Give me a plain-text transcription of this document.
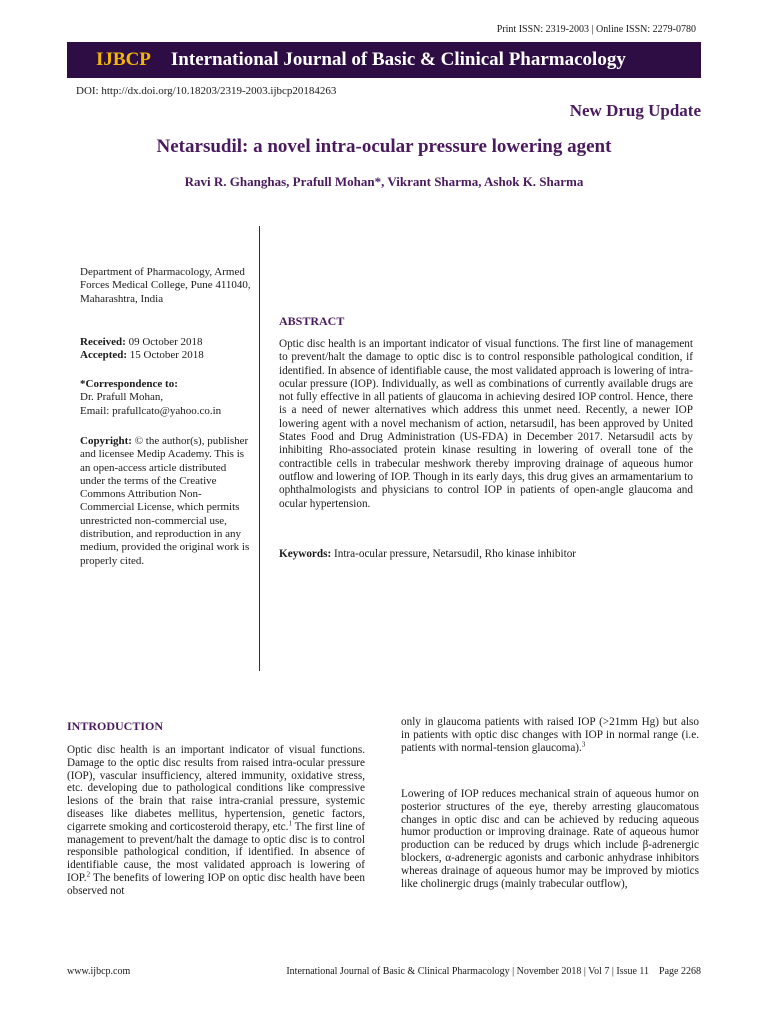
Print ISSN: 2319-2003 | Online ISSN: 2279-0780
IJBCP International Journal of Basic & Clinical Pharmacology
DOI: http://dx.doi.org/10.18203/2319-2003.ijbcp20184263
New Drug Update
Netarsudil: a novel intra-ocular pressure lowering agent
Ravi R. Ghanghas, Prafull Mohan*, Vikrant Sharma, Ashok K. Sharma

Department of Pharmacology, Armed Forces Medical College, Pune 411040, Maharashtra, India

Received: 09 October 2018

Accepted: 15 October 2018

*Correspondence to:

Dr. Prafull Mohan,

Email: prafullcato@yahoo.co.in

Copyright: © the author(s), publisher and licensee Medip Academy. This is an open-access article distributed under the terms of the Creative Commons Attribution Non-Commercial License, which permits unrestricted non-commercial use, distribution, and reproduction in any medium, provided the original work is properly cited.

ABSTRACT

Optic disc health is an important indicator of visual functions. The first line of management to prevent/halt the damage to optic disc is to control responsible pathological condition, if identified. In absence of identifiable cause, the most validated approach is lowering of intra-ocular pressure (IOP). Individually, as well as combinations of currently available drugs are not fully effective in all patients of glaucoma in achieving desired IOP control. Hence, there is a need of newer alternatives which address this unmet need. Recently, a newer IOP lowering agent with a novel mechanism of action, netarsudil, has been approved by United States Food and Drug Administration (US-FDA) in December 2017. Netarsudil acts by inhibiting Rho-associated protein kinase resulting in lowering of overall tone of the contractible cells in trabecular meshwork thereby improving drainage of aqueous humor outflow and lowering of IOP. Though in its early days, this drug gives an armamentarium to ophthalmologists and physicians to control IOP in patients of open-angle glaucoma and ocular hypertension.

Keywords: Intra-ocular pressure, Netarsudil, Rho kinase inhibitor

INTRODUCTION

Optic disc health is an important indicator of visual functions. Damage to the optic disc results from raised intra-ocular pressure (IOP), vascular insufficiency, altered immunity, oxidative stress, etc. developing due to pathological conditions like compressive lesions of the brain that raise intra-cranial pressure, systemic diseases like diabetes mellitus, hypertension, genetic factors, cigarrete smoking and corticosteroid therapy, etc.$^1$ The first line of management to prevent/halt the damage to optic disc is to control responsible pathological condition, if identified. In absence of identifiable cause, the most validated approach is lowering of IOP.$^2$ The benefits of lowering IOP on optic disc health have been observed not

only in glaucoma patients with raised IOP (>21mm Hg) but also in patients with optic disc changes with IOP in normal range (i.e. patients with normal-tension glaucoma).$^3$

Lowering of IOP reduces mechanical strain of aqueous humor on posterior structures of the eye, thereby arresting glaucomatous changes in optic disc and can be achieved by reducing aqueous humor production or improving drainage. Rate of aqueous humor production can be reduced by drugs which include β-adrenergic blockers, α-adrenergic agonists and carbonic anhydrase inhibitors whereas drainage of aqueous humor may be improved by miotics like cholinergic drugs (mainly trabecular outflow),

www.ijbcp.com	International Journal of Basic & Clinical Pharmacology | November 2018 | Vol 7 | Issue 11 Page 2268
